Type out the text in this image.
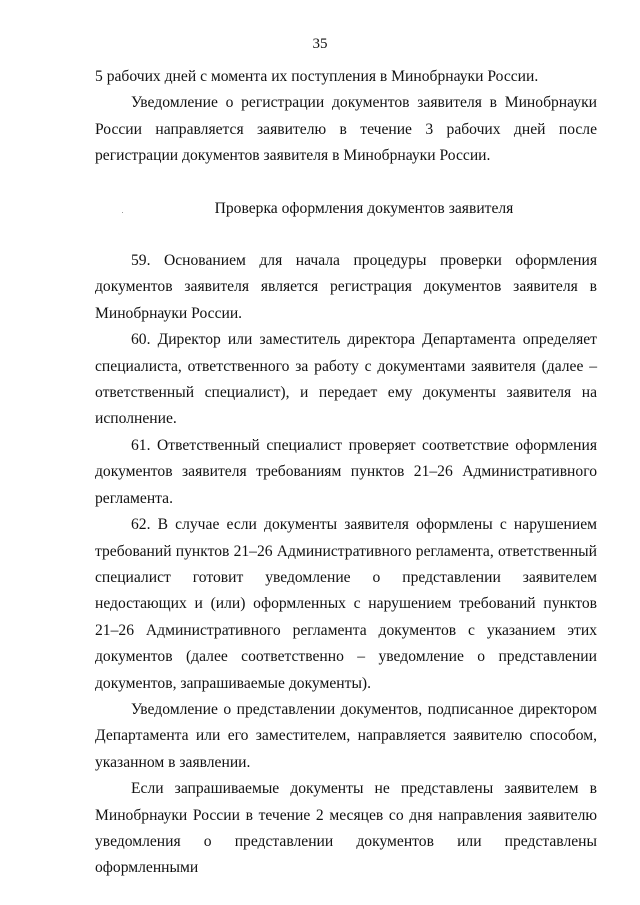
35

5 рабочих дней с момента их поступления в Минобрнауки России.

Уведомление о регистрации документов заявителя в Минобрнауки России направляется заявителю в течение 3 рабочих дней после регистрации документов заявителя в Минобрнауки России.

Проверка оформления документов заявителя

59. Основанием для начала процедуры проверки оформления документов заявителя является регистрация документов заявителя в Минобрнауки России.

60. Директор или заместитель директора Департамента определяет специалиста, ответственного за работу с документами заявителя (далее – ответственный специалист), и передает ему документы заявителя на исполнение.

61. Ответственный специалист проверяет соответствие оформления документов заявителя требованиям пунктов 21–26 Административного регламента.

62. В случае если документы заявителя оформлены с нарушением требований пунктов 21–26 Административного регламента, ответственный специалист готовит уведомление о представлении заявителем недостающих и (или) оформленных с нарушением требований пунктов 21–26 Административного регламента документов с указанием этих документов (далее соответственно – уведомление о представлении документов, запрашиваемые документы).

Уведомление о представлении документов, подписанное директором Департамента или его заместителем, направляется заявителю способом, указанном в заявлении.

Если запрашиваемые документы не представлены заявителем в Минобрнауки России в течение 2 месяцев со дня направления заявителю уведомления о представлении документов или представлены оформленными
